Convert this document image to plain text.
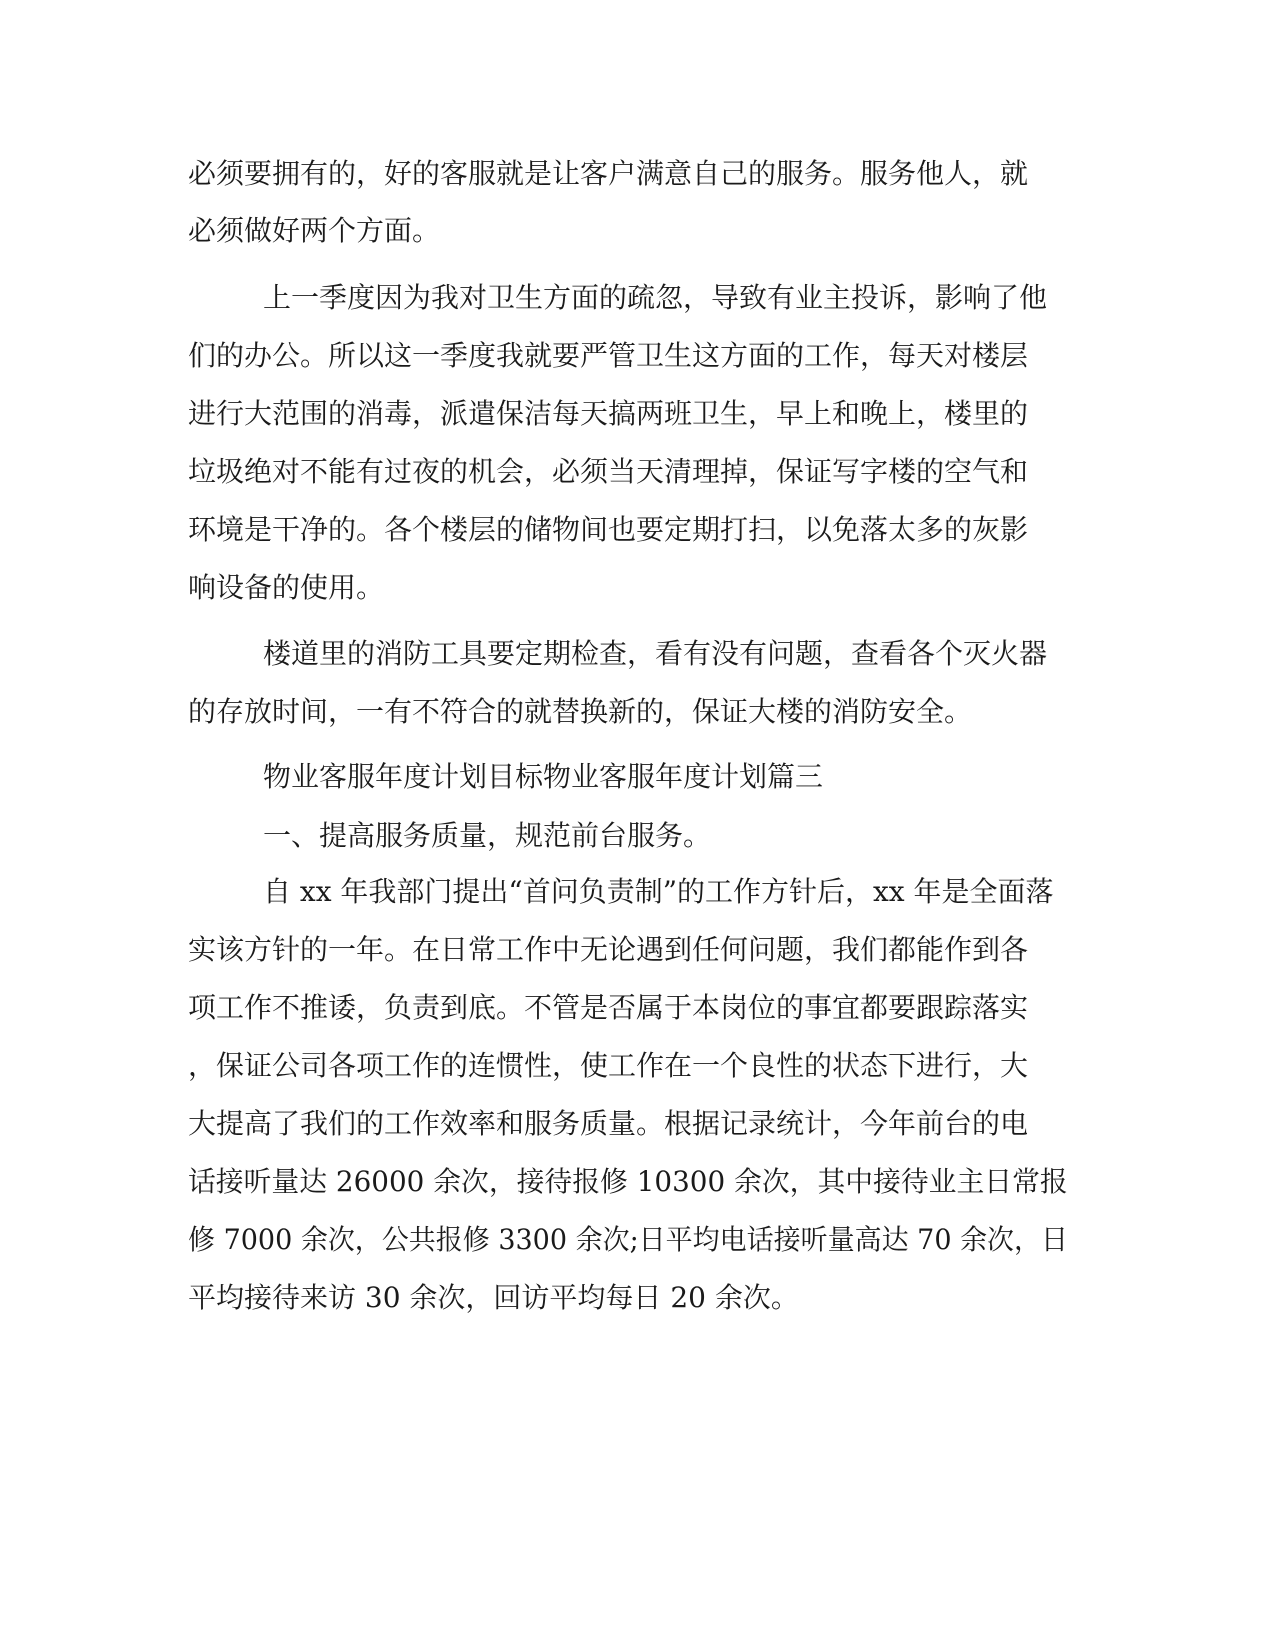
必须要拥有的，好的客服就是让客户满意自己的服务。服务他人，就
必须做好两个方面。
上一季度因为我对卫生方面的疏忽，导致有业主投诉，影响了他
们的办公。所以这一季度我就要严管卫生这方面的工作，每天对楼层
进行大范围的消毒，派遣保洁每天搞两班卫生，早上和晚上，楼里的
垃圾绝对不能有过夜的机会，必须当天清理掉，保证写字楼的空气和
环境是干净的。各个楼层的储物间也要定期打扫，以免落太多的灰影
响设备的使用。
楼道里的消防工具要定期检查，看有没有问题，查看各个灭火器
的存放时间，一有不符合的就替换新的，保证大楼的消防安全。
物业客服年度计划目标物业客服年度计划篇三
一、提高服务质量，规范前台服务。
自 xx 年我部门提出“首问负责制”的工作方针后，xx 年是全面落
实该方针的一年。在日常工作中无论遇到任何问题，我们都能作到各
项工作不推诿，负责到底。不管是否属于本岗位的事宜都要跟踪落实
，保证公司各项工作的连惯性，使工作在一个良性的状态下进行，大
大提高了我们的工作效率和服务质量。根据记录统计，今年前台的电
话接听量达 26000 余次，接待报修 10300 余次，其中接待业主日常报
修 7000 余次，公共报修 3300 余次;日平均电话接听量高达 70 余次，日
平均接待来访 30 余次，回访平均每日 20 余次。
